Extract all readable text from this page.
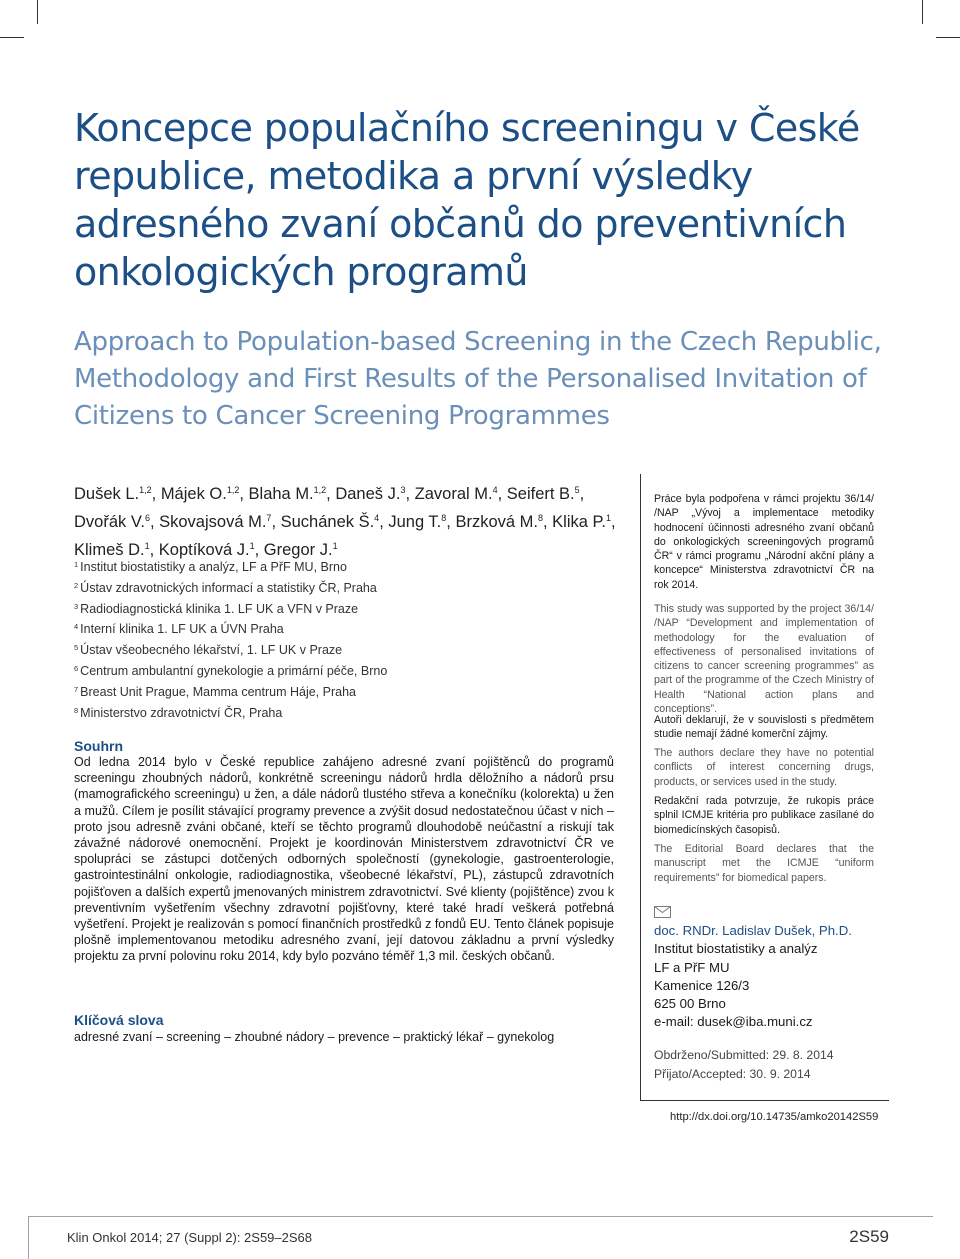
Koncepce populačního screeningu v České republice, metodika a první výsledky adresného zvaní občanů do preventivních onkologických programů
Approach to Population-based Screening in the Czech Republic, Methodology and First Results of the Personalised Invitation of Citizens to Cancer Screening Programmes

Dušek L.$^{1,2}$, Májek O.$^{1,2}$, Blaha M.$^{1,2}$, Daneš J.$^3$, Zavoral M.$^4$, Seifert B.$^5$, Dvořák V.$^6$, Skovajsová M.$^7$, Suchánek Š.$^4$, Jung T.$^8$, Brzková M.$^8$, Klika P.$^1$, Klimeš D.$^1$, Koptíková J.$^1$, Gregor J.$^1$

$^1$ Institut biostatistiky a analýz, LF a PřF MU, Brno
$^2$ Ústav zdravotnických informací a statistiky ČR, Praha
$^3$ Radiodiagnostická klinika 1. LF UK a VFN v Praze
$^4$ Interní klinika 1. LF UK a ÚVN Praha
$^5$ Ústav všeobecného lékařství, 1. LF UK v Praze
$^6$ Centrum ambulantní gynekologie a primární péče, Brno
$^7$ Breast Unit Prague, Mamma centrum Háje, Praha
$^8$ Ministerstvo zdravotnictví ČR, Praha
Souhrn

Od ledna 2014 bylo v České republice zahájeno adresné zvaní pojištěnců do programů screeningu zhoubných nádorů, konkrétně screeningu nádorů hrdla děložního a nádorů prsu (mamografického screeningu) u žen, a dále nádorů tlustého střeva a konečníku (kolorekta) u žen a mužů. Cílem je posílit stávající programy prevence a zvýšit dosud nedostatečnou účast v nich – proto jsou adresně zváni občané, kteří se těchto programů dlouhodobě neúčastní a riskují tak závažné nádorové onemocnění. Projekt je koordinován Ministerstvem zdravotnictví ČR ve spolupráci se zástupci dotčených odborných společností (gynekologie, gastroenterologie, gastrointestinální onkologie, radiodiagnostika, všeobecné lékařství, PL), zástupců zdravotních pojišťoven a dalších expertů jmenovaných ministrem zdravotnictví. Své klienty (pojištěnce) zvou k preventivním vyšetřením všechny zdravotní pojišťovny, které také hradí veškerá potřebná vyšetření. Projekt je realizován s pomocí finančních prostředků z fondů EU. Tento článek popisuje plošně implementovanou metodiku adresného zvaní, její datovou základnu a první výsledky projektu za první polovinu roku 2014, kdy bylo pozváno téměř 1,3 mil. českých občanů.

Klíčová slova

adresné zvaní – screening – zhoubné nádory – prevence – praktický lékař – gynekolog

Práce byla podpořena v rámci projektu 36/14/ /NAP „Vývoj a implementace metodiky hodnocení účinnosti adresného zvaní občanů do onkologických screeningových programů ČR“ v rámci programu „Národní akční plány a koncepce“ Ministerstva zdravotnictví ČR na rok 2014.

This study was supported by the project 36/14/ /NAP “Development and implementation of methodology for the evaluation of effectiveness of personalised invitations of citizens to cancer screening programmes” as part of the programme of the Czech Ministry of Health “National action plans and conceptions”.

Autoři deklarují, že v souvislosti s předmětem studie nemají žádné komerční zájmy.

The authors declare they have no potential conflicts of interest concerning drugs, products, or services used in the study.

Redakční rada potvrzuje, že rukopis práce splnil ICMJE kritéria pro publikace zasílané do biomedicínských časopisů.

The Editorial Board declares that the manuscript met the ICMJE “uniform requirements” for biomedical papers.

doc. RNDr. Ladislav Dušek, Ph.D.
Institut biostatistiky a analýz
LF a PřF MU
Kamenice 126/3
625 00 Brno
e-mail: dusek@iba.muni.cz
Obdrženo/Submitted: 29. 8. 2014
Přijato/Accepted: 30. 9. 2014

http://dx.doi.org/10.14735/amko20142S59

Klin Onkol 2014; 27 (Suppl 2): 2S59–2S68	2S59
